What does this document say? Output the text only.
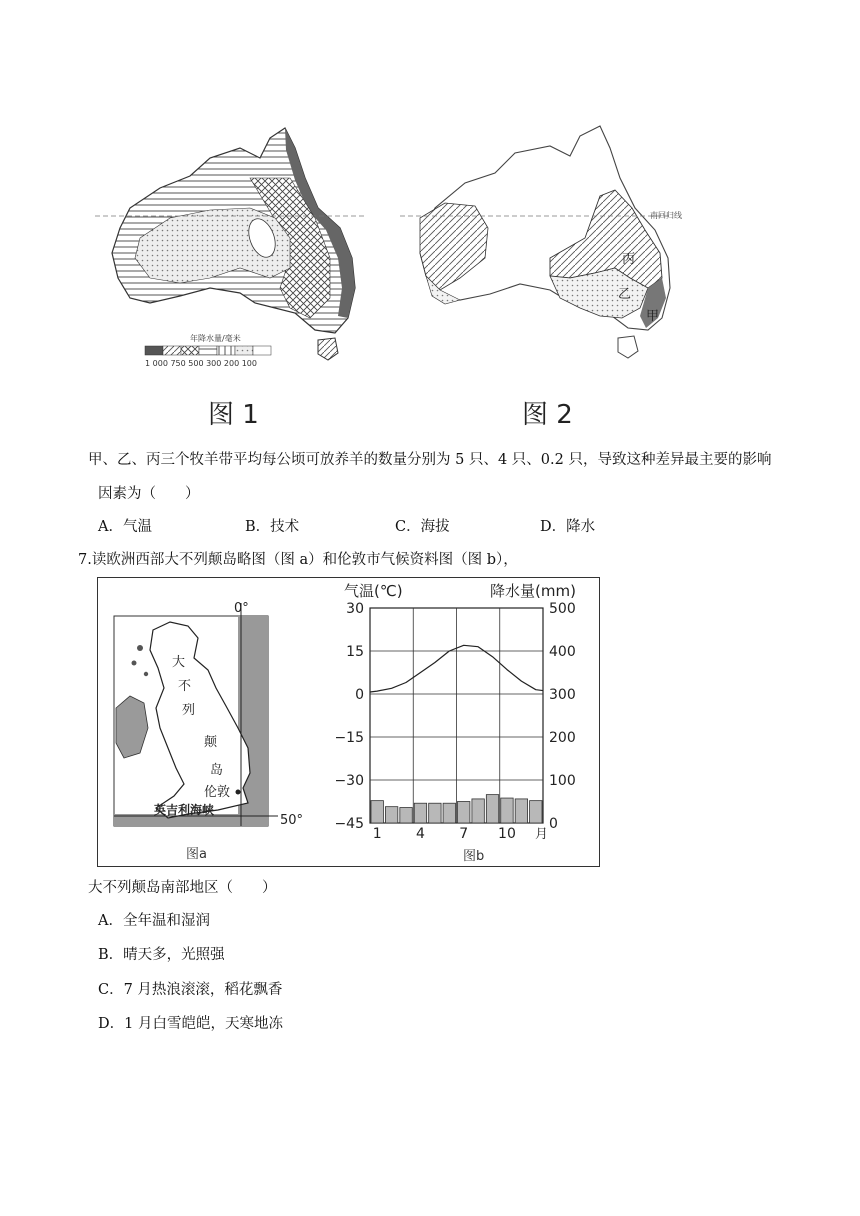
年降水量/毫米
1 000 750 500 300 200 100
图 1
南回归线
丙
乙
甲
图 2
甲、乙、丙三个牧羊带平均每公顷可放养羊的数量分别为 5 只、4 只、0.2 只，导致这种差异最主要的影响
因素为（　　）
A．气温	B．技术	C．海拔	D．降水
7.读欧洲西部大不列颠岛略图（图 a）和伦敦市气候资料图（图 b），
0°
50°
大
不
列
颠
岛
伦敦
英吉利海峡
图a
气温(℃)	降水量(mm)
30
15
0
−15
−30
−45
500
400
300
200
100
0
1 4 7 10 月
图b
大不列颠岛南部地区（　　）
A．全年温和湿润
B．晴天多，光照强
C．7 月热浪滚滚，稻花飘香
D．1 月白雪皑皑，天寒地冻
